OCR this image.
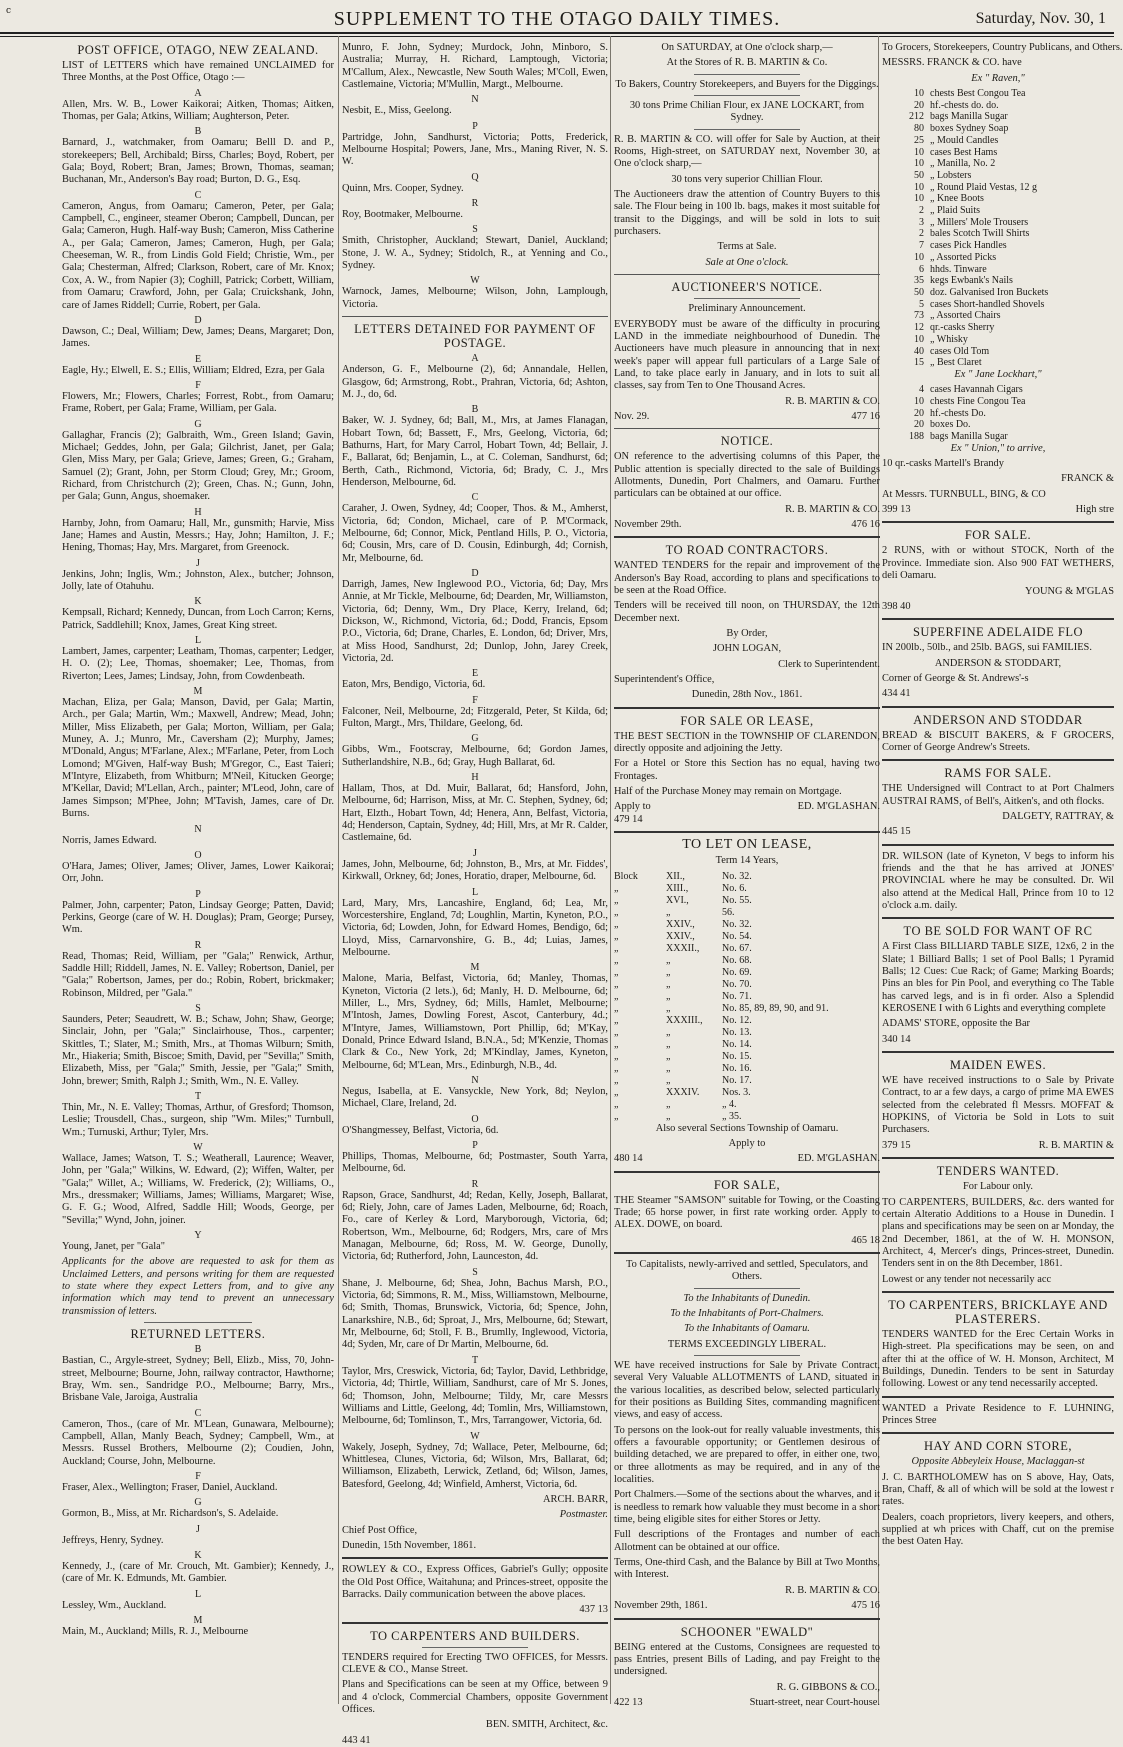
c	SUPPLEMENT TO THE OTAGO DAILY TIMES.	Saturday, Nov. 30, 1
POST OFFICE, OTAGO, NEW ZEALAND.

LIST of LETTERS which have remained UNCLAIMED for Three Months, at the Post Office, Otago :—

A

Allen, Mrs. W. B., Lower Kaikorai; Aitken, Thomas; Aitken, Thomas, per Gala; Atkins, William; Aughterson, Peter.

B

Barnard, J., watchmaker, from Oamaru; Belll D. and P., storekeepers; Bell, Archibald; Birss, Charles; Boyd, Robert, per Gala; Boyd, Robert; Bran, James; Brown, Thomas, seaman; Buchanan, Mr., Anderson's Bay road; Burton, D. G., Esq.

C

Cameron, Angus, from Oamaru; Cameron, Peter, per Gala; Campbell, C., engineer, steamer Oberon; Campbell, Duncan, per Gala; Cameron, Hugh. Half-way Bush; Cameron, Miss Catherine A., per Gala; Cameron, James; Cameron, Hugh, per Gala; Cheeseman, W. R., from Lindis Gold Field; Christie, Wm., per Gala; Chesterman, Alfred; Clarkson, Robert, care of Mr. Knox; Cox, A. W., from Napier (3); Coghill, Patrick; Corbett, William, from Oamaru; Crawford, John, per Gala; Cruickshank, John, care of James Riddell; Currie, Robert, per Gala.

D

Dawson, C.; Deal, William; Dew, James; Deans, Margaret; Don, James.

E

Eagle, Hy.; Elwell, E. S.; Ellis, William; Eldred, Ezra, per Gala

F

Flowers, Mr.; Flowers, Charles; Forrest, Robt., from Oamaru; Frame, Robert, per Gala; Frame, William, per Gala.

G

Gallaghar, Francis (2); Galbraith, Wm., Green Island; Gavin, Michael; Geddes, John, per Gala; Gilchrist, Janet, per Gala; Glen, Miss Mary, per Gala; Grieve, James; Green, G.; Graham, Samuel (2); Grant, John, per Storm Cloud; Grey, Mr.; Groom, Richard, from Christchurch (2); Green, Chas. N.; Gunn, John, per Gala; Gunn, Angus, shoemaker.

H

Harnby, John, from Oamaru; Hall, Mr., gunsmith; Harvie, Miss Jane; Hames and Austin, Messrs.; Hay, John; Hamilton, J. F.; Hening, Thomas; Hay, Mrs. Margaret, from Greenock.

J

Jenkins, John; Inglis, Wm.; Johnston, Alex., butcher; Johnson, Jolly, late of Otahuhu.

K

Kempsall, Richard; Kennedy, Duncan, from Loch Carron; Kerns, Patrick, Saddlehill; Knox, James, Great King street.

L

Lambert, James, carpenter; Leatham, Thomas, carpenter; Ledger, H. O. (2); Lee, Thomas, shoemaker; Lee, Thomas, from Riverton; Lees, James; Lindsay, John, from Cowdenbeath.

M

Machan, Eliza, per Gala; Manson, David, per Gala; Martin, Arch., per Gala; Martin, Wm.; Maxwell, Andrew; Mead, John; Miller, Miss Elizabeth, per Gala; Morton, William, per Gala; Muney, A. J.; Munro, Mr., Caversham (2); Murphy, James; M'Donald, Angus; M'Farlane, Alex.; M'Farlane, Peter, from Loch Lomond; M'Given, Half-way Bush; M'Gregor, C., East Taieri; M'Intyre, Elizabeth, from Whitburn; M'Neil, Kitucken George; M'Kellar, David; M'Lellan, Arch., painter; M'Leod, John, care of James Simpson; M'Phee, John; M'Tavish, James, care of Dr. Burns.

N

Norris, James Edward.

O

O'Hara, James; Oliver, James; Oliver, James, Lower Kaikorai; Orr, John.

P

Palmer, John, carpenter; Paton, Lindsay George; Patten, David; Perkins, George (care of W. H. Douglas); Pram, George; Pursey, Wm.

R

Read, Thomas; Reid, William, per "Gala;" Renwick, Arthur, Saddle Hill; Riddell, James, N. E. Valley; Robertson, Daniel, per "Gala;" Robertson, James, per do.; Robin, Robert, brickmaker; Robinson, Mildred, per "Gala."

S

Saunders, Peter; Seaudrett, W. B.; Schaw, John; Shaw, George; Sinclair, John, per "Gala;" Sinclairhouse, Thos., carpenter; Skittles, T.; Slater, M.; Smith, Mrs., at Thomas Wilburn; Smith, Mr., Hiakeria; Smith, Biscoe; Smith, David, per "Sevilla;" Smith, Elizabeth, Miss, per "Gala;" Smith, Jessie, per "Gala;" Smith, John, brewer; Smith, Ralph J.; Smith, Wm., N. E. Valley.

T

Thin, Mr., N. E. Valley; Thomas, Arthur, of Gresford; Thomson, Leslie; Trousdell, Chas., surgeon, ship "Wm. Miles;" Turnbull, Wm.; Turnuski, Arthur; Tyler, Mrs.

W

Wallace, James; Watson, T. S.; Weatherall, Laurence; Weaver, John, per "Gala;" Wilkins, W. Edward, (2); Wiffen, Walter, per "Gala;" Willet, A.; Williams, W. Frederick, (2); Williams, O., Mrs., dressmaker; Williams, James; Williams, Margaret; Wise, G. F. G.; Wood, Alfred, Saddle Hill; Woods, George, per "Sevilla;" Wynd, John, joiner.

Y

Young, Janet, per "Gala"

Applicants for the above are requested to ask for them as Unclaimed Letters, and persons writing for them are requested to state where they expect Letters from, and to give any information which may tend to prevent an unnecessary transmission of letters.

RETURNED LETTERS.

B

Bastian, C., Argyle-street, Sydney; Bell, Elizb., Miss, 70, John-street, Melbourne; Bourne, John, railway contractor, Hawthorne; Bray, Wm. sen., Sandridge P.O., Melbourne; Barry, Mrs., Brisbane Vale, Jaroiga, Australia

C

Cameron, Thos., (care of Mr. M'Lean, Gunawara, Melbourne); Campbell, Allan, Manly Beach, Sydney; Campbell, Wm., at Messrs. Russel Brothers, Melbourne (2); Coudien, John, Auckland; Course, John, Melbourne.

F

Fraser, Alex., Wellington; Fraser, Daniel, Auckland.

G

Gormon, B., Miss, at Mr. Richardson's, S. Adelaide.

J

Jeffreys, Henry, Sydney.

K

Kennedy, J., (care of Mr. Crouch, Mt. Gambier); Kennedy, J., (care of Mr. K. Edmunds, Mt. Gambier.

L

Lessley, Wm., Auckland.

M

Main, M., Auckland; Mills, R. J., Melbourne

Munro, F. John, Sydney; Murdock, John, Minboro, S. Australia; Murray, H. Richard, Lamptough, Victoria; M'Callum, Alex., Newcastle, New South Wales; M'Coll, Ewen, Castlemaine, Victoria; M'Mullin, Margt., Melbourne.

N

Nesbit, E., Miss, Geelong.

P

Partridge, John, Sandhurst, Victoria; Potts, Frederick, Melbourne Hospital; Powers, Jane, Mrs., Maning River, N. S. W.

Q

Quinn, Mrs. Cooper, Sydney.

R

Roy, Bootmaker, Melbourne.

S

Smith, Christopher, Auckland; Stewart, Daniel, Auckland; Stone, J. W. A., Sydney; Stidolch, R., at Yenning and Co., Sydney.

W

Warnock, James, Melbourne; Wilson, John, Lamplough, Victoria.

LETTERS DETAINED FOR PAYMENT OF POSTAGE.

A

Anderson, G. F., Melbourne (2), 6d; Annandale, Hellen, Glasgow, 6d; Armstrong, Robt., Prahran, Victoria, 6d; Ashton, M. J., do, 6d.

B

Baker, W. J. Sydney, 6d; Ball, M., Mrs, at James Flanagan, Hobart Town, 6d; Bassett, F., Mrs, Geelong, Victoria, 6d; Bathurns, Hart, for Mary Carrol, Hobart Town, 4d; Bellair, J. F., Ballarat, 6d; Benjamin, L., at C. Coleman, Sandhurst, 6d; Berth, Cath., Richmond, Victoria, 6d; Brady, C. J., Mrs Henderson, Melbourne, 6d.

C

Caraher, J. Owen, Sydney, 4d; Cooper, Thos. & M., Amherst, Victoria, 6d; Condon, Michael, care of P. M'Cormack, Melbourne, 6d; Connor, Mick, Pentland Hills, P. O., Victoria, 6d; Cousin, Mrs, care of D. Cousin, Edinburgh, 4d; Cornish, Mr, Melbourne, 6d.

D

Darrigh, James, New Inglewood P.O., Victoria, 6d; Day, Mrs Annie, at Mr Tickle, Melbourne, 6d; Dearden, Mr, Williamston, Victoria, 6d; Denny, Wm., Dry Place, Kerry, Ireland, 6d; Dickson, W., Richmond, Victoria, 6d.; Dodd, Francis, Epsom P.O., Victoria, 6d; Drane, Charles, E. London, 6d; Driver, Mrs, at Miss Hood, Sandhurst, 2d; Dunlop, John, Jarey Creek, Victoria, 2d.

E

Eaton, Mrs, Bendigo, Victoria, 6d.

F

Falconer, Neil, Melbourne, 2d; Fitzgerald, Peter, St Kilda, 6d; Fulton, Margt., Mrs, Thildare, Geelong, 6d.

G

Gibbs, Wm., Footscray, Melbourne, 6d; Gordon James, Sutherlandshire, N.B., 6d; Gray, Hugh Ballarat, 6d.

H

Hallam, Thos, at Dd. Muir, Ballarat, 6d; Hansford, John, Melbourne, 6d; Harrison, Miss, at Mr. C. Stephen, Sydney, 6d; Hart, Elzth., Hobart Town, 4d; Henera, Ann, Belfast, Victoria, 4d; Henderson, Captain, Sydney, 4d; Hill, Mrs, at Mr R. Calder, Castlemaine, 6d.

J

James, John, Melbourne, 6d; Johnston, B., Mrs, at Mr. Fiddes', Kirkwall, Orkney, 6d; Jones, Horatio, draper, Melbourne, 6d.

L

Lard, Mary, Mrs, Lancashire, England, 6d; Lea, Mr, Worcestershire, England, 7d; Loughlin, Martin, Kyneton, P.O., Victoria, 6d; Lowden, John, for Edward Homes, Bendigo, 6d; Lloyd, Miss, Carnarvonshire, G. B., 4d; Luias, James, Melbourne.

M

Malone, Maria, Belfast, Victoria, 6d; Manley, Thomas, Kyneton, Victoria (2 lets.), 6d; Manly, H. D. Melbourne, 6d; Miller, L., Mrs, Sydney, 6d; Mills, Hamlet, Melbourne; M'Intosh, James, Dowling Forest, Ascot, Canterbury, 4d.; M'Intyre, James, Williamstown, Port Phillip, 6d; M'Kay, Donald, Prince Edward Island, B.N.A., 5d; M'Kenzie, Thomas Clark & Co., New York, 2d; M'Kindlay, James, Kyneton, Melbourne, 6d; M'Lean, Mrs., Edinburgh, N.B., 4d.

N

Negus, Isabella, at E. Vansyckle, New York, 8d; Neylon, Michael, Clare, Ireland, 2d.

O

O'Shangmessey, Belfast, Victoria, 6d.

P

Phillips, Thomas, Melbourne, 6d; Postmaster, South Yarra, Melbourne, 6d.

R

Rapson, Grace, Sandhurst, 4d; Redan, Kelly, Joseph, Ballarat, 6d; Riely, John, care of James Laden, Melbourne, 6d; Roach, Fo., care of Kerley & Lord, Maryborough, Victoria, 6d; Robertson, Wm., Melbourne, 6d; Rodgers, Mrs, care of Mrs Managan, Melbourne, 6d; Ross, M. W. George, Dunolly, Victoria, 6d; Rutherford, John, Launceston, 4d.

S

Shane, J. Melbourne, 6d; Shea, John, Bachus Marsh, P.O., Victoria, 6d; Simmons, R. M., Miss, Williamstown, Melbourne, 6d; Smith, Thomas, Brunswick, Victoria, 6d; Spence, John, Lanarkshire, N.B., 6d; Sproat, J., Mrs, Melbourne, 6d; Stewart, Mr, Melbourne, 6d; Stoll, F. B., Brumlly, Inglewood, Victoria, 4d; Syden, Mr, care of Dr Martin, Melbourne, 6d.

T

Taylor, Mrs, Creswick, Victoria, 6d; Taylor, David, Lethbridge, Victoria, 4d; Thirtle, William, Sandhurst, care of Mr S. Jones, 6d; Thomson, John, Melbourne; Tildy, Mr, care Messrs Williams and Little, Geelong, 4d; Tomlin, Mrs, Williamstown, Melbourne, 6d; Tomlinson, T., Mrs, Tarrangower, Victoria, 6d.

W

Wakely, Joseph, Sydney, 7d; Wallace, Peter, Melbourne, 6d; Whittlesea, Clunes, Victoria, 6d; Wilson, Mrs, Ballarat, 6d; Williamson, Elizabeth, Lerwick, Zetland, 6d; Wilson, James, Batesford, Geelong, 4d; Winfield, Amherst, Victoria, 6d.

ARCH. BARR,

Postmaster.

Chief Post Office,

Dunedin, 15th November, 1861.

ROWLEY & CO., Express Offices, Gabriel's Gully; opposite the Old Post Office, Waitahuna; and Princes-street, opposite the Barracks. Daily communication between the above places.

437 13

TO CARPENTERS AND BUILDERS.

TENDERS required for Erecting TWO OFFICES, for Messrs. CLEVE & CO., Manse Street.

Plans and Specifications can be seen at my Office, between 9 and 4 o'clock, Commercial Chambers, opposite Government Offices.

BEN. SMITH, Architect, &c.

443 41

On SATURDAY, at One o'clock sharp,—

At the Stores of R. B. MARTIN & Co.

To Bakers, Country Storekeepers, and Buyers for the Diggings.

30 tons Prime Chilian Flour, ex JANE LOCKART, from Sydney.

R. B. MARTIN & CO. will offer for Sale by Auction, at their Rooms, High-street, on SATURDAY next, November 30, at One o'clock sharp,—

30 tons very superior Chillian Flour.

The Auctioneers draw the attention of Country Buyers to this sale. The Flour being in 100 lb. bags, makes it most suitable for transit to the Diggings, and will be sold in lots to suit purchasers.

Terms at Sale.

Sale at One o'clock.

AUCTIONEER'S NOTICE.

Preliminary Announcement.

EVERYBODY must be aware of the difficulty in procuring LAND in the immediate neighbourhood of Dunedin. The Auctioneers have much pleasure in announcing that in next week's paper will appear full particulars of a Large Sale of Land, to take place early in January, and in lots to suit all classes, say from Ten to One Thousand Acres.

R. B. MARTIN & CO.

Nov. 29.	477 16
NOTICE.

ON reference to the advertising columns of this Paper, the Public attention is specially directed to the sale of Buildings Allotments, Dunedin, Port Chalmers, and Oamaru. Further particulars can be obtained at our office.

R. B. MARTIN & CO.

November 29th.	476 16
TO ROAD CONTRACTORS.

WANTED TENDERS for the repair and improvement of the Anderson's Bay Road, according to plans and specifications to be seen at the Road Office.

Tenders will be received till noon, on THURSDAY, the 12th December next.

By Order,

JOHN LOGAN,

Clerk to Superintendent.

Superintendent's Office,

Dunedin, 28th Nov., 1861.

FOR SALE OR LEASE,

THE BEST SECTION in the TOWNSHIP OF CLARENDON, directly opposite and adjoining the Jetty.

For a Hotel or Store this Section has no equal, having two Frontages.

Half of the Purchase Money may remain on Mortgage.

Apply to	ED. M'GLASHAN.

479 14

TO LET ON LEASE,

Term 14 Years,

Block	XII.,	No. 32.
„	XIII.,	No. 6.
„	XVI.,	No. 55.
„	„	56.
„	XXIV.,	No. 32.
„	XXIV.,	No. 54.
„	XXXII.,	No. 67.
„	„	No. 68.
„	„	No. 69.
„	„	No. 70.
„	„	No. 71.
„	„	No. 85, 89, 89, 90, and 91.
„	XXXIII.,	No. 12.
„	„	No. 13.
„	„	No. 14.
„	„	No. 15.
„	„	No. 16.
„	„	No. 17.
„	XXXIV.	Nos. 3.
„	„	„ 4.
„	„	„ 35.

Also several Sections Township of Oamaru.

Apply to

480 14	ED. M'GLASHAN.
FOR SALE,

THE Steamer "SAMSON" suitable for Towing, or the Coasting Trade; 65 horse power, in first rate working order. Apply to ALEX. DOWE, on board.

465 18

To Capitalists, newly-arrived and settled, Speculators, and Others.

To the Inhabitants of Dunedin.

To the Inhabitants of Port-Chalmers.

To the Inhabitants of Oamaru.

TERMS EXCEEDINGLY LIBERAL.

WE have received instructions for Sale by Private Contract, several Very Valuable ALLOTMENTS of LAND, situated in the various localities, as described below, selected particularly for their positions as Building Sites, commanding magnificent views, and easy of access.

To persons on the look-out for really valuable investments, this offers a favourable opportunity; or Gentlemen desirous of building detached, we are prepared to offer, in either one, two, or three allotments as may be required, and in any of the localities.

Port Chalmers.—Some of the sections about the wharves, and it is needless to remark how valuable they must become in a short time, being eligible sites for either Stores or Jetty.

Full descriptions of the Frontages and number of each Allotment can be obtained at our office.

Terms, One-third Cash, and the Balance by Bill at Two Months, with Interest.

R. B. MARTIN & CO.

November 29th, 1861.	475 16
SCHOONER "EWALD"

BEING entered at the Customs, Consignees are requested to pass Entries, present Bills of Lading, and pay Freight to the undersigned.

R. G. GIBBONS & CO.,

422 13	Stuart-street, near Court-house.

To Grocers, Storekeepers, Country Publicans, and Others.

MESSRS. FRANCK & CO. have

Ex " Raven,"

10 chests Best Congou Tea
20 hf.-chests do. do.
212 bags Manilla Sugar
80 boxes Sydney Soap
25 „ Mould Candles
10 cases Best Hams
10 „ Manilla, No. 2
50 „ Lobsters
10 „ Round Plaid Vestas, 12 g
10 „ Knee Boots
2 „ Plaid Suits
3 „ Millers' Mole Trousers
2 bales Scotch Twill Shirts
7 cases Pick Handles
10 „ Assorted Picks
6 hhds. Tinware
35 kegs Ewbank's Nails
50 doz. Galvanised Iron Buckets
5 cases Short-handled Shovels
73 „ Assorted Chairs
12 qr.-casks Sherry
10 „ Whisky
40 cases Old Tom
15 „ Best Claret

Ex " Jane Lockhart,"

4 cases Havannah Cigars
10 chests Fine Congou Tea
20 hf.-chests Do.
20 boxes Do.
188 bags Manilla Sugar

Ex " Union," to arrive,

10 qr.-casks Martell's Brandy

FRANCK &

At Messrs. TURNBULL, BING, & CO

399 13	High stre
FOR SALE.

2 RUNS, with or without STOCK, North of the Province. Immediate sion. Also 900 FAT WETHERS, deli Oamaru.

YOUNG & M'GLAS

398 40

SUPERFINE ADELAIDE FLO

IN 200lb., 50lb., and 25lb. BAGS, sui FAMILIES.

ANDERSON & STODDART,

Corner of George & St. Andrews'-s

434 41

ANDERSON AND STODDAR

BREAD & BISCUIT BAKERS, & F GROCERS, Corner of George Andrew's Streets.

RAMS FOR SALE.

THE Undersigned will Contract to at Port Chalmers AUSTRAI RAMS, of Bell's, Aitken's, and oth flocks.

DALGETY, RATTRAY, &

445 15

DR. WILSON (late of Kyneton, V begs to inform his friends and the that he has arrived at JONES' PROVINCIAL where he may be consulted. Dr. Wil also attend at the Medical Hall, Prince from 10 to 12 o'clock a.m. daily.

TO BE SOLD FOR WANT OF RC

A First Class BILLIARD TABLE SIZE, 12x6, 2 in the Slate; 1 Billiard Balls; 1 set of Pool Balls; 1 Pyramid Balls; 12 Cues: Cue Rack; of Game; Marking Boards; Pins an bles for Pin Pool, and everything co The Table has carved legs, and is in fi order. Also a Splendid KEROSENE I with 6 Lights and everything complete

ADAMS' STORE, opposite the Bar

340 14

MAIDEN EWES.

WE have received instructions to o Sale by Private Contract, to ar a few days, a cargo of prime MA EWES selected from the celebrated fl Messrs. MOFFAT & HOPKINS, of Victoria be Sold in Lots to suit Purchasers.

379 15	R. B. MARTIN &
TENDERS WANTED.

For Labour only.

TO CARPENTERS, BUILDERS, &c. ders wanted for certain Alteratio Additions to a House in Dunedin. I plans and specifications may be seen on ar Monday, the 2nd December, 1861, at the of W. H. MONSON, Architect, 4, Mercer's dings, Princes-street, Dunedin. Tenders sent in on the 8th December, 1861.

Lowest or any tender not necessarily acc

TO CARPENTERS, BRICKLAYE AND PLASTERERS.

TENDERS WANTED for the Erec Certain Works in High-street. Pla specifications may be seen, on and after thi at the office of W. H. Monson, Architect, M Buildings, Dunedin. Tenders to be sent in Saturday following. Lowest or any tend necessarily accepted.

WANTED a Private Residence to F. LUHNING, Princes Stree

HAY AND CORN STORE,

Opposite Abbeyleix House, Maclaggan-st

J. C. BARTHOLOMEW has on S above, Hay, Oats, Bran, Chaff, & all of which will be sold at the lowest r rates.

Dealers, coach proprietors, livery keepers, and others, supplied at wh prices with Chaff, cut on the premise the best Oaten Hay.
